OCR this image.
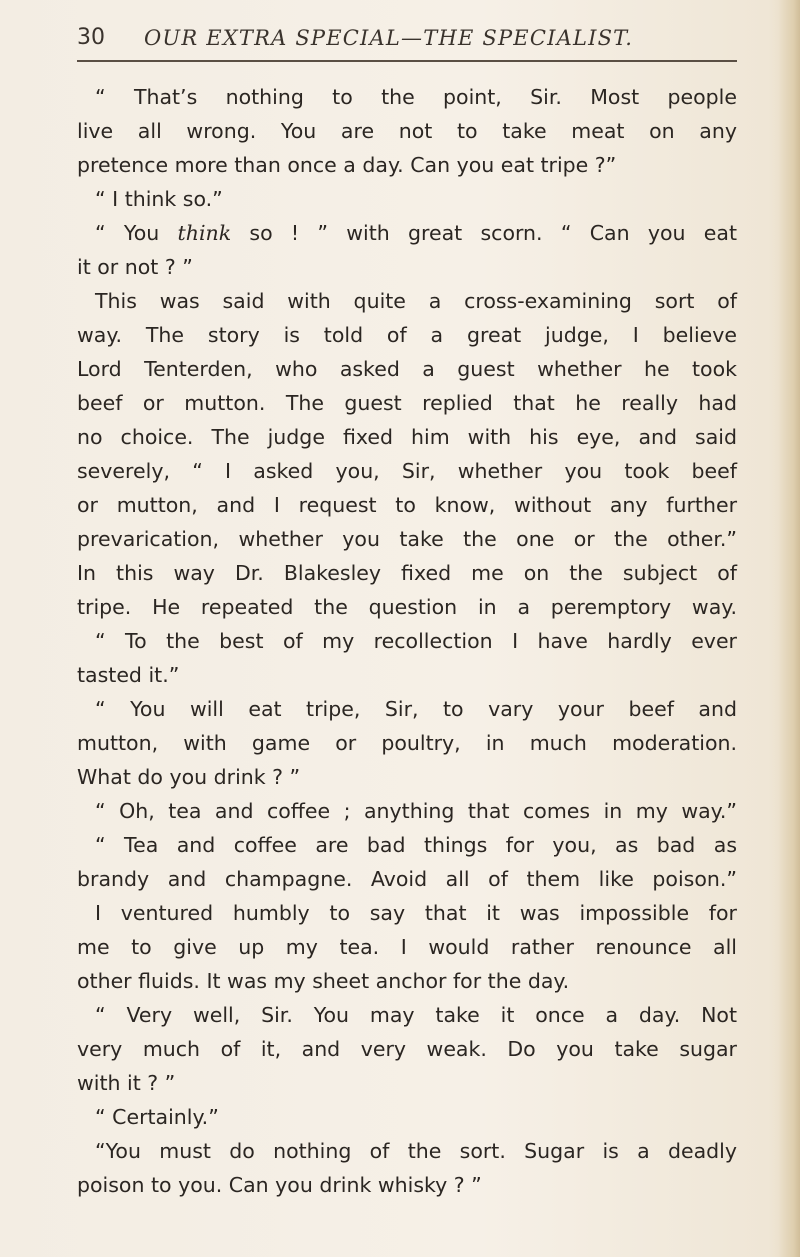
30 OUR EXTRA SPECIAL—THE SPECIALIST.
“ That’s nothing to the point, Sir. Most people
live all wrong. You are not to take meat on any
pretence more than once a day. Can you eat tripe ?”
“ I think so.”
“ You think so ! ” with great scorn. “ Can you eat
it or not ? ”
This was said with quite a cross-examining sort of
way. The story is told of a great judge, I believe
Lord Tenterden, who asked a guest whether he took
beef or mutton. The guest replied that he really had
no choice. The judge fixed him with his eye, and said
severely, “ I asked you, Sir, whether you took beef
or mutton, and I request to know, without any further
prevarication, whether you take the one or the other.”
In this way Dr. Blakesley fixed me on the subject of
tripe. He repeated the question in a peremptory way.
“ To the best of my recollection I have hardly ever
tasted it.”
“ You will eat tripe, Sir, to vary your beef and
mutton, with game or poultry, in much moderation.
What do you drink ? ”
“ Oh, tea and coffee ; anything that comes in my way.”
“ Tea and coffee are bad things for you, as bad as
brandy and champagne. Avoid all of them like poison.”
I ventured humbly to say that it was impossible for
me to give up my tea. I would rather renounce all
other fluids. It was my sheet anchor for the day.
“ Very well, Sir. You may take it once a day. Not
very much of it, and very weak. Do you take sugar
with it ? ”
“ Certainly.”
“You must do nothing of the sort. Sugar is a deadly
poison to you. Can you drink whisky ? ”
